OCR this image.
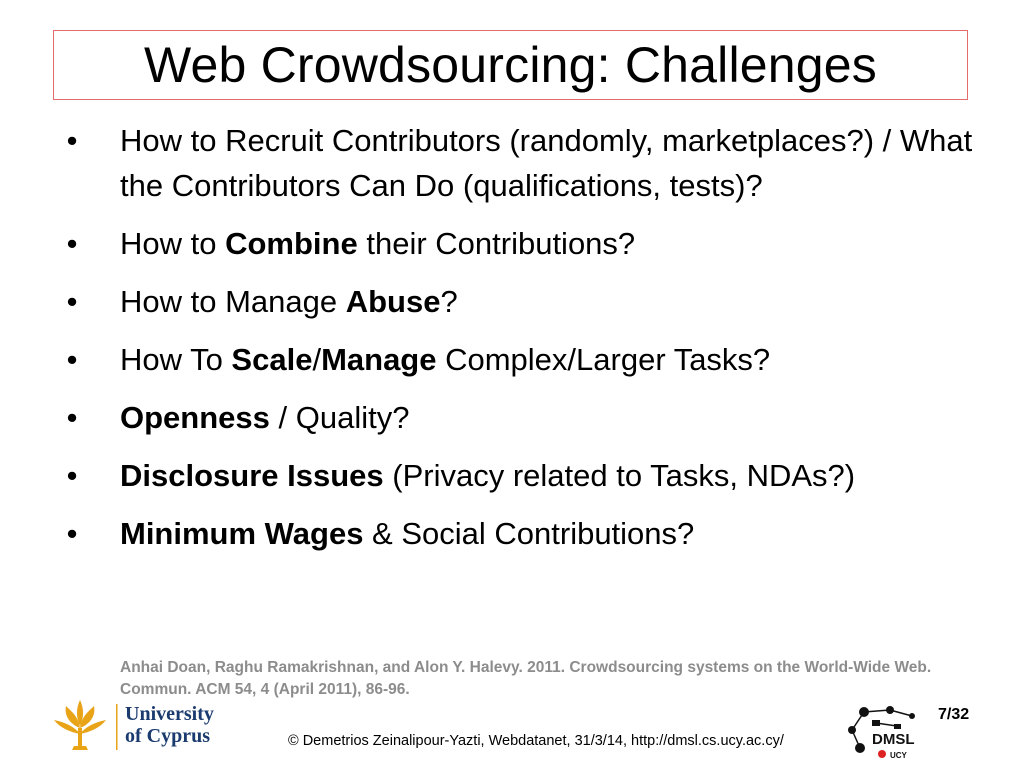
Web Crowdsourcing: Challenges
• How to Recruit Contributors (randomly, marketplaces?) / What the Contributors Can Do (qualifications, tests)?
• How to Combine their Contributions?
• How to Manage Abuse?
• How To Scale/Manage Complex/Larger Tasks?
• Openness / Quality?
• Disclosure Issues (Privacy related to Tasks, NDAs?)
• Minimum Wages & Social Contributions?
Anhai Doan, Raghu Ramakrishnan, and Alon Y. Halevy. 2011. Crowdsourcing systems on the World-Wide Web. Commun. ACM 54, 4 (April 2011), 86-96.
University
of Cyprus	© Demetrios Zeinalipour-Yazti, Webdatanet, 31/3/14, http://dmsl.cs.ucy.ac.cy/
7/32
DMSL
UCY
